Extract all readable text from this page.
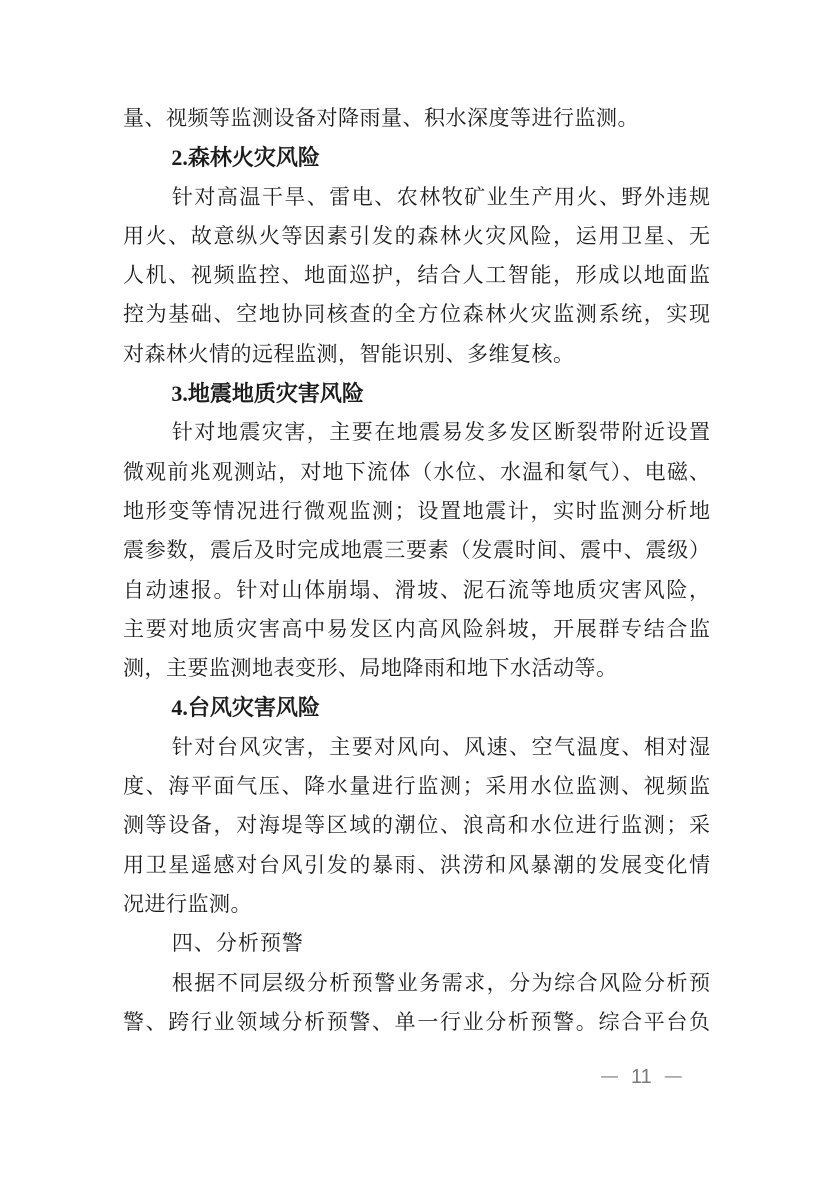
量、视频等监测设备对降雨量、积水深度等进行监测。
2.森林火灾风险
针对高温干旱、雷电、农林牧矿业生产用火、野外违规
用火、故意纵火等因素引发的森林火灾风险，运用卫星、无
人机、视频监控、地面巡护，结合人工智能，形成以地面监
控为基础、空地协同核查的全方位森林火灾监测系统，实现
对森林火情的远程监测，智能识别、多维复核。
3.地震地质灾害风险
针对地震灾害，主要在地震易发多发区断裂带附近设置
微观前兆观测站，对地下流体（水位、水温和氡气）、电磁、
地形变等情况进行微观监测；设置地震计，实时监测分析地
震参数，震后及时完成地震三要素（发震时间、震中、震级）
自动速报。针对山体崩塌、滑坡、泥石流等地质灾害风险，
主要对地质灾害高中易发区内高风险斜坡，开展群专结合监
测，主要监测地表变形、局地降雨和地下水活动等。
4.台风灾害风险
针对台风灾害，主要对风向、风速、空气温度、相对湿
度、海平面气压、降水量进行监测；采用水位监测、视频监
测等设备，对海堤等区域的潮位、浪高和水位进行监测；采
用卫星遥感对台风引发的暴雨、洪涝和风暴潮的发展变化情
况进行监测。
四、分析预警
根据不同层级分析预警业务需求，分为综合风险分析预
警、跨行业领域分析预警、单一行业分析预警。综合平台负
— 11 —
